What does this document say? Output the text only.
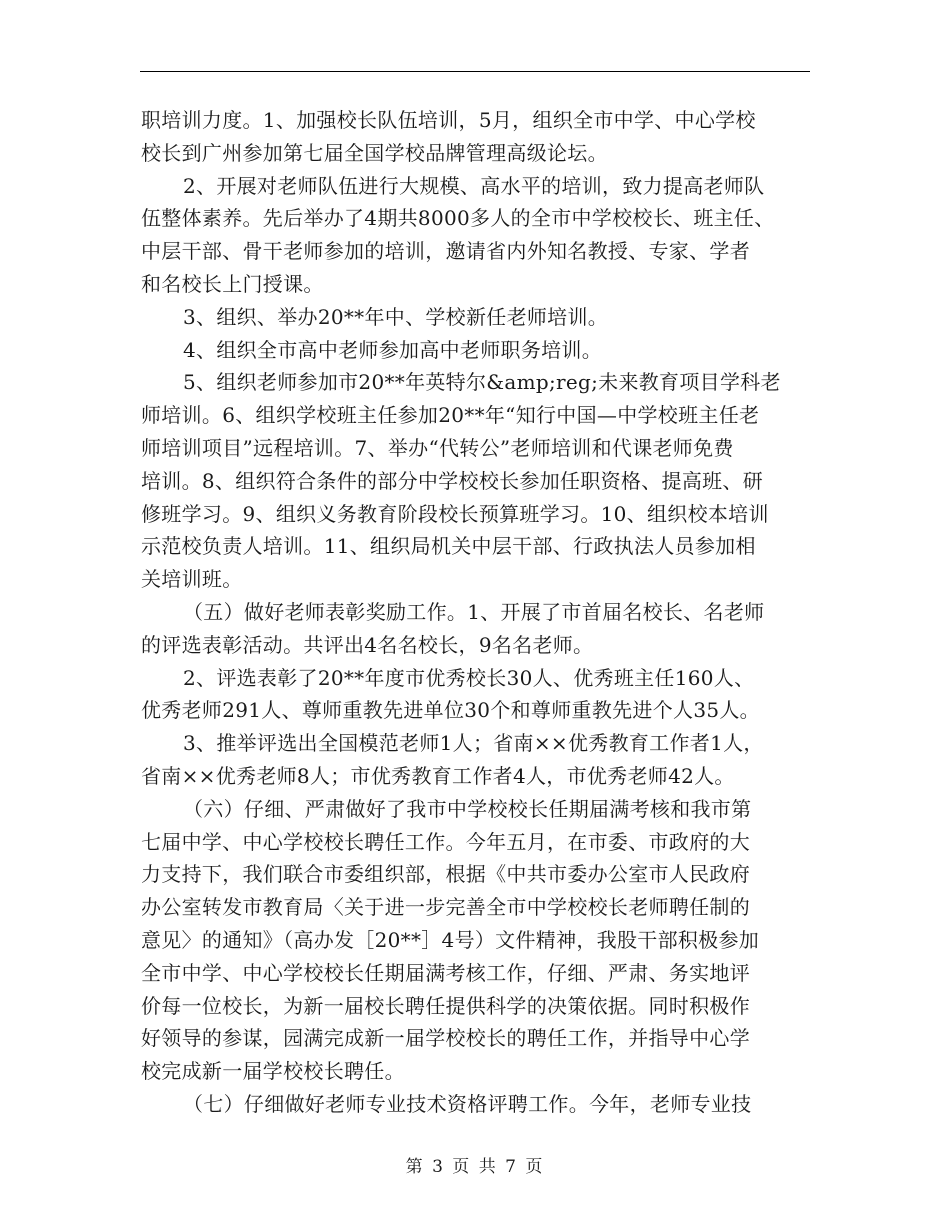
职培训力度。1、加强校长队伍培训，5月，组织全市中学、中心学校
校长到广州参加第七届全国学校品牌管理高级论坛。
2、开展对老师队伍进行大规模、高水平的培训，致力提高老师队
伍整体素养。先后举办了4期共8000多人的全市中学校校长、班主任、
中层干部、骨干老师参加的培训，邀请省内外知名教授、专家、学者
和名校长上门授课。
3、组织、举办20**年中、学校新任老师培训。
4、组织全市高中老师参加高中老师职务培训。
5、组织老师参加市20**年英特尔&amp;reg;未来教育项目学科老
师培训。6、组织学校班主任参加20**年“知行中国—中学校班主任老
师培训项目”远程培训。7、举办“代转公”老师培训和代课老师免费
培训。8、组织符合条件的部分中学校校长参加任职资格、提高班、研
修班学习。9、组织义务教育阶段校长预算班学习。10、组织校本培训
示范校负责人培训。11、组织局机关中层干部、行政执法人员参加相
关培训班。
（五）做好老师表彰奖励工作。1、开展了市首届名校长、名老师
的评选表彰活动。共评出4名名校长，9名名老师。
2、评选表彰了20**年度市优秀校长30人、优秀班主任160人、
优秀老师291人、尊师重教先进单位30个和尊师重教先进个人35人。
3、推举评选出全国模范老师1人；省南××优秀教育工作者1人，
省南××优秀老师8人；市优秀教育工作者4人，市优秀老师42人。
（六）仔细、严肃做好了我市中学校校长任期届满考核和我市第
七届中学、中心学校校长聘任工作。今年五月，在市委、市政府的大
力支持下，我们联合市委组织部，根据《中共市委办公室市人民政府
办公室转发市教育局〈关于进一步完善全市中学校校长老师聘任制的
意见〉的通知》（高办发［20**］4号）文件精神，我股干部积极参加
全市中学、中心学校校长任期届满考核工作，仔细、严肃、务实地评
价每一位校长，为新一届校长聘任提供科学的决策依据。同时积极作
好领导的参谋，园满完成新一届学校校长的聘任工作，并指导中心学
校完成新一届学校校长聘任。
（七）仔细做好老师专业技术资格评聘工作。今年，老师专业技
第 3 页 共 7 页
